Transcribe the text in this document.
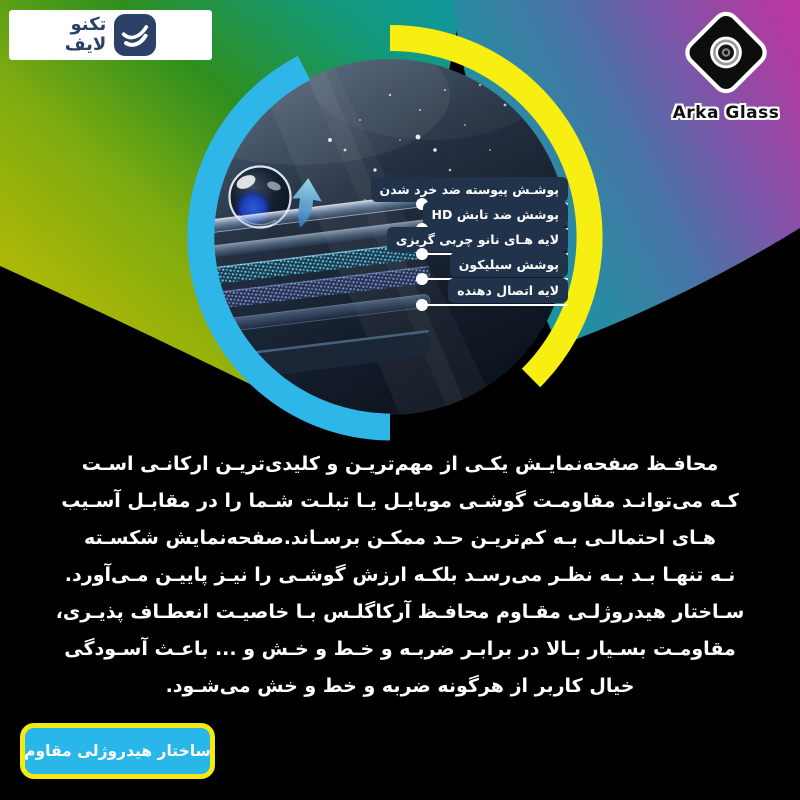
تکنو
لایف
Arka Glass
پوشـش پیوسته ضد خرد شدن
پوشش ضد تابش HD
لایه هـای نانو چربی گریزی
پوشش سیلیکون
لایه اتصال دهنده
محافـظ صفحه‌نمایـش یکـی از مهم‌تریـن و کلیدی‌تریـن ارکانـی اسـت
کـه می‌توانـد مقاومـت گوشـی موبایـل یـا تبلـت شـما را در مقابـل آسـیب
هـای احتمالـی بـه کم‌تریـن حـد ممکـن برسـاند.صفحه‌نمایش شکسـته
نـه تنهـا بـد بـه نظـر می‌رسـد بلکـه ارزش گوشـی را نیـز پاییـن مـی‌آورد.
سـاختار هیدروژلـی مقـاوم محافـظ آرکاگلـس بـا خاصیـت انعطـاف پذیـری،
مقاومـت بسـیار بـالا در برابـر ضربـه و خـط و خـش و ... باعـث آسـودگی
خیال کاربر از هرگونه ضربه و خط و خش می‌شـود.
ساختار هیدروژلی مقاوم
